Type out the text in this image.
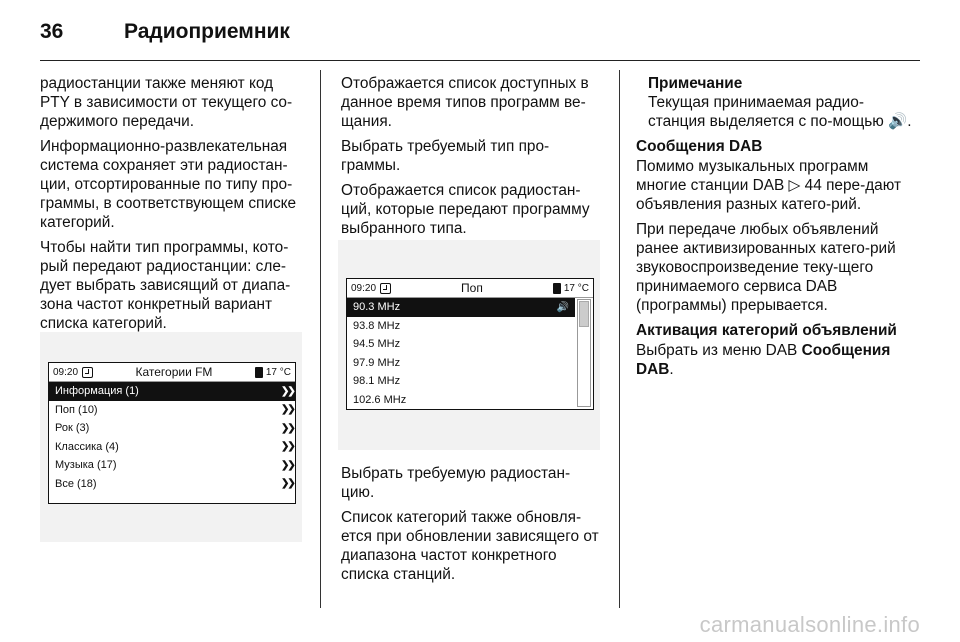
36	Радиоприемник

радиостанции также меняют код PTY в зависимости от текущего со-держимого передачи.

Информационно-развлекательная система сохраняет эти радиостан-ции, отсортированные по типу про-граммы, в соответствующем списке категорий.

Чтобы найти тип программы, кото-рый передают радиостанции: сле-дует выбрать зависящий от диапа-зона частот конкретный вариант списка категорий.

09:20	Категории FM	17 °C
Информация (1)	❯❯
Поп (10)	❯❯
Рок (3)	❯❯
Классика (4)	❯❯
Музыка (17)	❯❯
Все (18)	❯❯

Отображается список доступных в данное время типов программ ве-щания.

Выбрать требуемый тип про-граммы.

Отображается список радиостан-ций, которые передают программу выбранного типа.

Выбрать требуемую радиостан-цию.

Список категорий также обновля-ется при обновлении зависящего от диапазона частот конкретного списка станций.

09:20	Поп	17 °C
90.3 MHz	🔊
93.8 MHz
94.5 MHz
97.9 MHz
98.1 MHz
102.6 MHz
Примечание
Текущая принимаемая радио-станция выделяется с по-мощью 🔊.
Сообщения DAB

Помимо музыкальных программ многие станции DAB ▷ 44 пере-дают объявления разных катего-рий.

При передаче любых объявлений ранее активизированных катего-рий звуковоспроизведение теку-щего принимаемого сервиса DAB (программы) прерывается.

Активация категорий объявлений

Выбрать из меню DAB Сообщения DAB.

carmanualsonline.info
